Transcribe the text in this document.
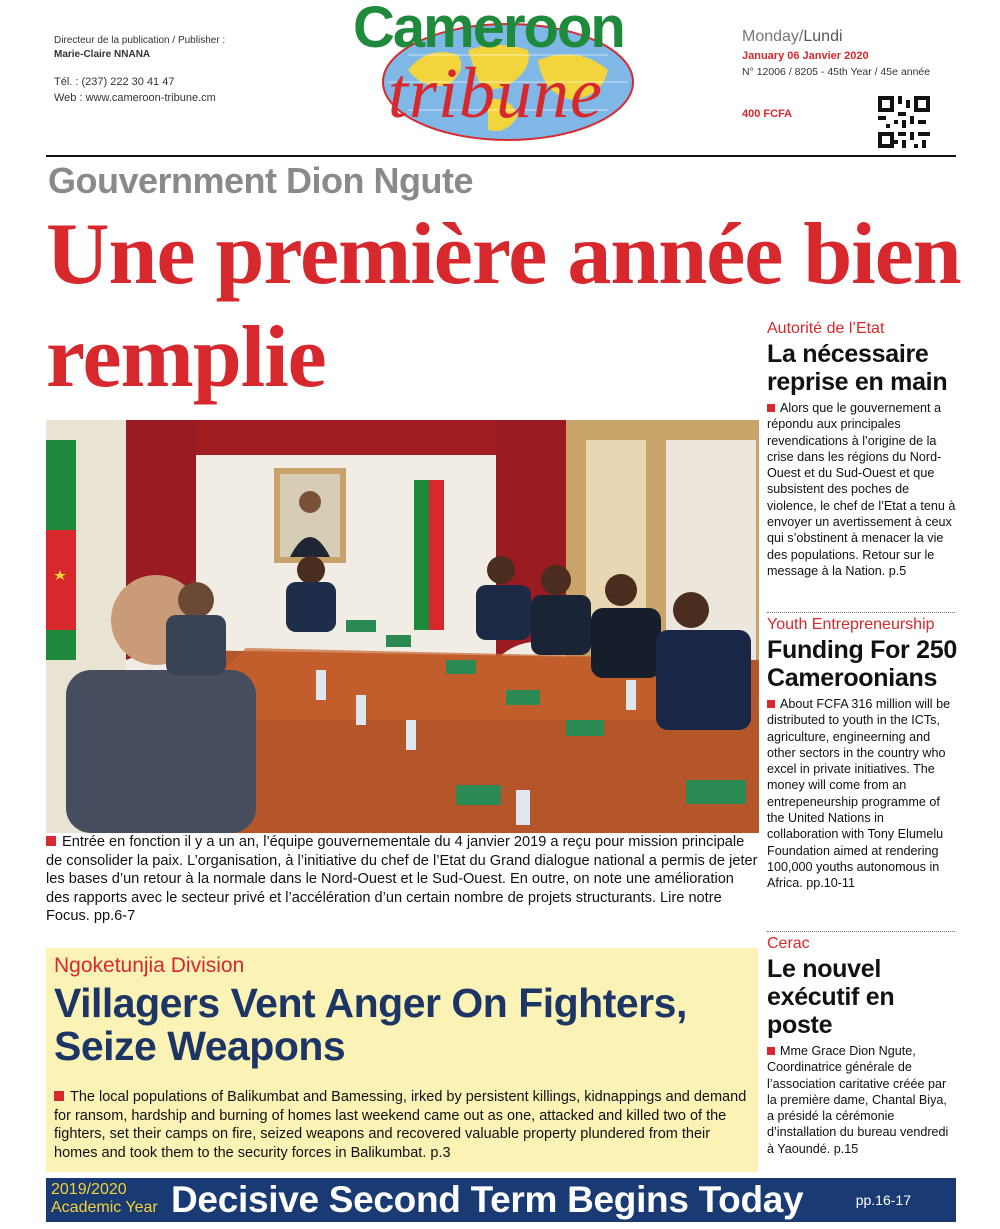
Directeur de la publication / Publisher :
Marie-Claire NNANA
Tél. : (237) 222 30 41 47
Web : www.cameroon-tribune.cm
Cameroon
tribune
Monday/Lundi
January 06 Janvier 2020
N° 12006 / 8205 - 45th Year / 45e année
400 FCFA
Gouvernment Dion Ngute
Une première année bien remplie
Entrée en fonction il y a un an, l’équipe gouvernementale du 4 janvier 2019 a reçu pour mission principale de consolider la paix. L’organisation, à l’initiative du chef de l’Etat du Grand dialogue national a permis de jeter les bases d’un retour à la normale dans le Nord-Ouest et le Sud-Ouest. En outre, on note une amélioration des rapports avec le secteur privé et l’accélération d’un certain nombre de projets structurants. Lire notre Focus. pp.6-7
Ngoketunjia Division
Villagers Vent Anger On Fighters, Seize Weapons
The local populations of Balikumbat and Bamessing, irked by persistent killings, kidnappings and demand for ransom, hardship and burning of homes last weekend came out as one, attacked and killed two of the fighters, set their camps on fire, seized weapons and recovered valuable property plundered from their homes and took them to the security forces in Balikumbat. p.3
2019/2020
Academic Year Decisive Second Term Begins Today	pp.16-17
Autorité de l’Etat
La nécessaire reprise en main
Alors que le gouvernement a répondu aux principales revendications à l’origine de la crise dans les régions du Nord-Ouest et du Sud-Ouest et que subsistent des poches de violence, le chef de l’Etat a tenu à envoyer un avertissement à ceux qui s’obstinent à menacer la vie des populations. Retour sur le message à la Nation. p.5
Youth Entrepreneurship
Funding For 250 Cameroonians
About FCFA 316 million will be distributed to youth in the ICTs, agriculture, engineerning and other sectors in the country who excel in private initiatives. The money will come from an entrepeneurship programme of the United Nations in collaboration with Tony Elumelu Foundation aimed at rendering 100,000 youths autonomous in Africa. pp.10-11
Cerac
Le nouvel exécutif en poste
Mme Grace Dion Ngute, Coordinatrice générale de l’association caritative créée par la première dame, Chantal Biya, a présidé la cérémonie d’installation du bureau vendredi à Yaoundé. p.15
